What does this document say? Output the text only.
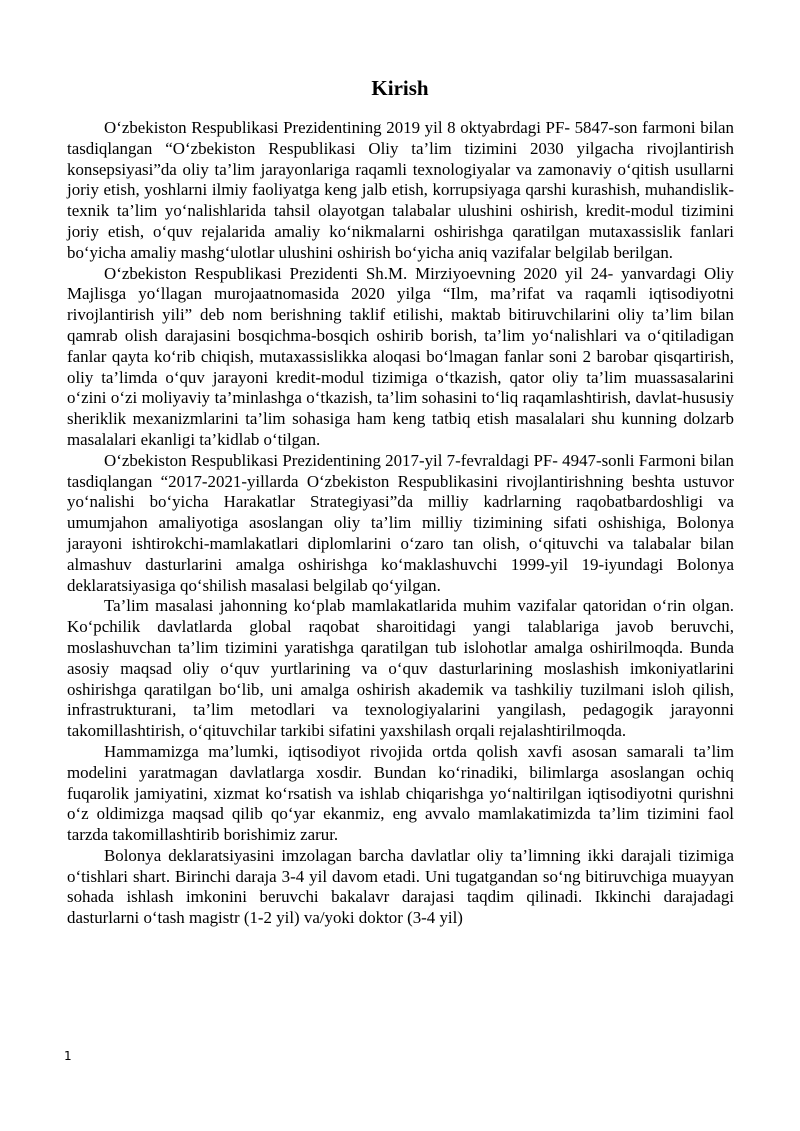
Kirish

O‘zbekiston Respublikasi Prezidentining 2019 yil 8 oktyabrdagi PF- 5847-son farmoni bilan tasdiqlangan “O‘zbekiston Respublikasi Oliy ta’lim tizimini 2030 yilgacha rivojlantirish konsepsiyasi”da oliy ta’lim jarayonlariga raqamli texnologiyalar va zamonaviy o‘qitish usullarni joriy etish, yoshlarni ilmiy faoliyatga keng jalb etish, korrupsiyaga qarshi kurashish, muhandislik-texnik ta’lim yo‘nalishlarida tahsil olayotgan talabalar ulushini oshirish, kredit-modul tizimini joriy etish, o‘quv rejalarida amaliy ko‘nikmalarni oshirishga qaratilgan mutaxassislik fanlari bo‘yicha amaliy mashg‘ulotlar ulushini oshirish bo‘yicha aniq vazifalar belgilab berilgan.

O‘zbekiston Respublikasi Prezidenti Sh.M. Mirziyoevning 2020 yil 24- yanvardagi Oliy Majlisga yo‘llagan murojaatnomasida 2020 yilga “Ilm, ma’rifat va raqamli iqtisodiyotni rivojlantirish yili” deb nom berishning taklif etilishi, maktab bitiruvchilarini oliy ta’lim bilan qamrab olish darajasini bosqichma-bosqich oshirib borish, ta’lim yo‘nalishlari va o‘qitiladigan fanlar qayta ko‘rib chiqish, mutaxassislikka aloqasi bo‘lmagan fanlar soni 2 barobar qisqartirish, oliy ta’limda o‘quv jarayoni kredit-modul tizimiga o‘tkazish, qator oliy ta’lim muassasalarini o‘zini o‘zi moliyaviy ta’minlashga o‘tkazish, ta’lim sohasini to‘liq raqamlashtirish, davlat-hususiy sheriklik mexanizmlarini ta’lim sohasiga ham keng tatbiq etish masalalari shu kunning dolzarb masalalari ekanligi ta’kidlab o‘tilgan.

O‘zbekiston Respublikasi Prezidentining 2017-yil 7-fevraldagi PF- 4947-sonli Farmoni bilan tasdiqlangan “2017-2021-yillarda O‘zbekiston Respublikasini rivojlantirishning beshta ustuvor yo‘nalishi bo‘yicha Harakatlar Strategiyasi”da milliy kadrlarning raqobatbardoshligi va umumjahon amaliyotiga asoslangan oliy ta’lim milliy tizimining sifati oshishiga, Bolonya jarayoni ishtirokchi-mamlakatlari diplomlarini o‘zaro tan olish, o‘qituvchi va talabalar bilan almashuv dasturlarini amalga oshirishga ko‘maklashuvchi 1999-yil 19-iyundagi Bolonya deklaratsiyasiga qo‘shilish masalasi belgilab qo‘yilgan.

Ta’lim masalasi jahonning ko‘plab mamlakatlarida muhim vazifalar qatoridan o‘rin olgan. Ko‘pchilik davlatlarda global raqobat sharoitidagi yangi talablariga javob beruvchi, moslashuvchan ta’lim tizimini yaratishga qaratilgan tub islohotlar amalga oshirilmoqda. Bunda asosiy maqsad oliy o‘quv yurtlarining va o‘quv dasturlarining moslashish imkoniyatlarini oshirishga qaratilgan bo‘lib, uni amalga oshirish akademik va tashkiliy tuzilmani isloh qilish, infrastrukturani, ta’lim metodlari va texnologiyalarini yangilash, pedagogik jarayonni takomillashtirish, o‘qituvchilar tarkibi sifatini yaxshilash orqali rejalashtirilmoqda.

Hammamizga ma’lumki, iqtisodiyot rivojida ortda qolish xavfi asosan samarali ta’lim modelini yaratmagan davlatlarga xosdir. Bundan ko‘rinadiki, bilimlarga asoslangan ochiq fuqarolik jamiyatini, xizmat ko‘rsatish va ishlab chiqarishga yo‘naltirilgan iqtisodiyotni qurishni o‘z oldimizga maqsad qilib qo‘yar ekanmiz, eng avvalo mamlakatimizda ta’lim tizimini faol tarzda takomillashtirib borishimiz zarur.

Bolonya deklaratsiyasini imzolagan barcha davlatlar oliy ta’limning ikki darajali tizimiga o‘tishlari shart. Birinchi daraja 3-4 yil davom etadi. Uni tugatgandan so‘ng bitiruvchiga muayyan sohada ishlash imkonini beruvchi bakalavr darajasi taqdim qilinadi. Ikkinchi darajadagi dasturlarni o‘tash magistr (1-2 yil) va/yoki doktor (3-4 yil)

1
